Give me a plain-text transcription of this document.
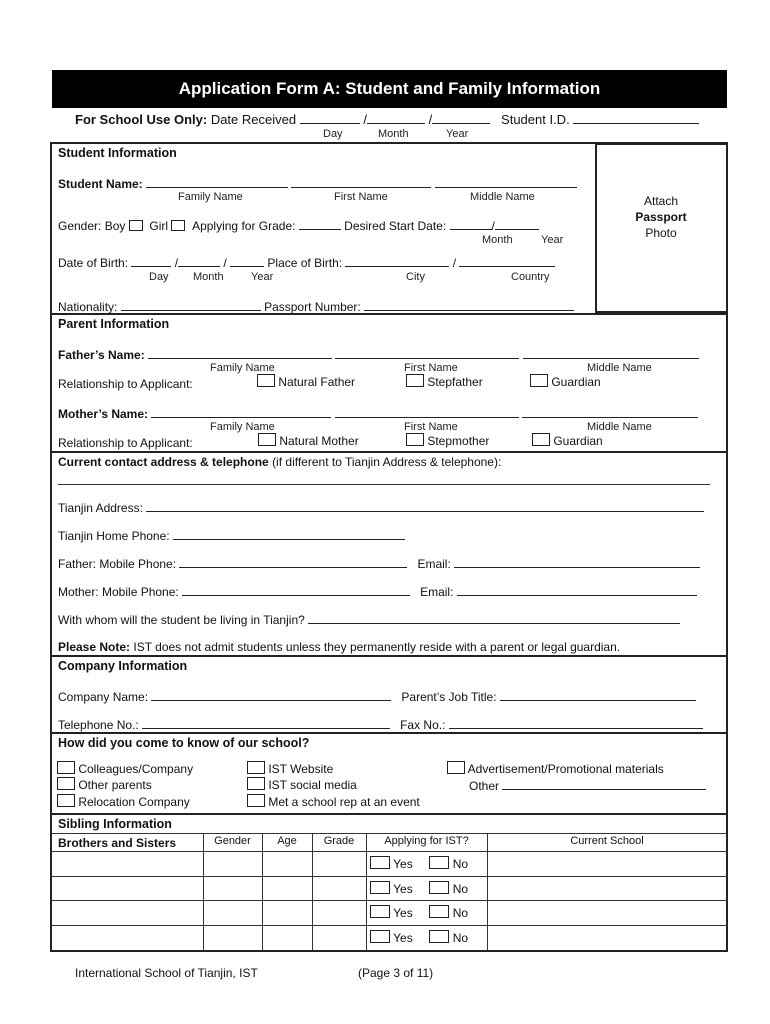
Application Form A: Student and Family Information
For School Use Only: Date Received	/	/	Student I.D.
Day	Month	Year
Attach
Passport
Photo
Student Information
Student Name:
Family Name	First Name	Middle Name
Gender: Boy Girl Applying for Grade:	Desired Start Date:	/
Month	Year
Date of Birth:	/	/	Place of Birth:	/
Day Month Year	City	Country
Nationality:	Passport Number:
Parent Information
Father’s Name:
Family Name	First Name	Middle Name
Relationship to Applicant:	Natural Father	Stepfather	Guardian
Mother’s Name:
Family Name	First Name	Middle Name
Relationship to Applicant:	Natural Mother	Stepmother	Guardian
Current contact address & telephone (if different to Tianjin Address & telephone):
Tianjin Address:
Tianjin Home Phone:
Father: Mobile Phone:	Email:
Mother: Mobile Phone:	Email:
With whom will the student be living in Tianjin?
Please Note: IST does not admit students unless they permanently reside with a parent or legal guardian.
Company Information
Company Name:	Parent’s Job Title:
Telephone No.:	Fax No.:
How did you come to know of our school?
Colleagues/Company
Other parents
Relocation Company
IST Website
IST social media
Met a school rep at an event
Advertisement/Promotional materials
Other
Sibling Information
Brothers and Sisters	Gender	Age	Grade	Applying for IST?	Current School
Yes	No
Yes	No
Yes	No
Yes	No
International School of Tianjin, IST	(Page 3 of 11)
